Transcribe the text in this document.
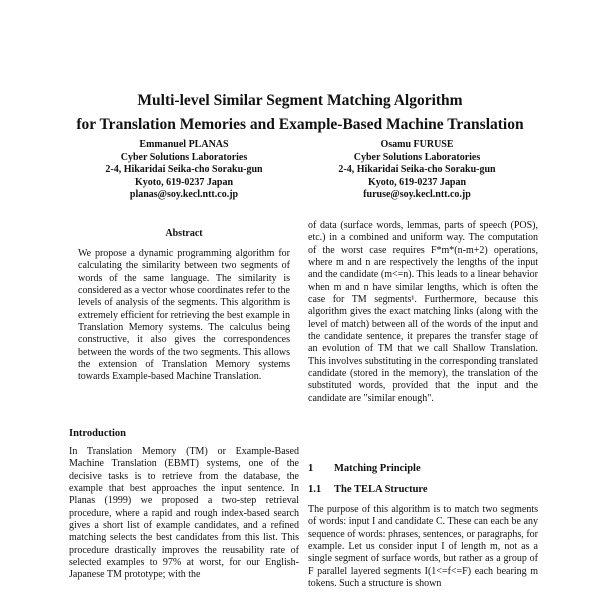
Multi-level Similar Segment Matching Algorithm
for Translation Memories and Example-Based Machine Translation
Emmanuel PLANAS
Cyber Solutions Laboratories
2-4, Hikaridai Seika-cho Soraku-gun
Kyoto, 619-0237 Japan
planas@soy.kecl.ntt.co.jp
Osamu FURUSE
Cyber Solutions Laboratories
2-4, Hikaridai Seika-cho Soraku-gun
Kyoto, 619-0237 Japan
furuse@soy.kecl.ntt.co.jp
Abstract

We propose a dynamic programming algorithm for calculating the similarity between two segments of words of the same language. The similarity is considered as a vector whose coordinates refer to the levels of analysis of the segments. This algorithm is extremely efficient for retrieving the best example in Translation Memory systems. The calculus being constructive, it also gives the correspondences between the words of the two segments. This allows the extension of Translation Memory systems towards Example-based Machine Translation.

Introduction

In Translation Memory (TM) or Example-Based Machine Translation (EBMT) systems, one of the decisive tasks is to retrieve from the database, the example that best approaches the input sentence. In Planas (1999) we proposed a two-step retrieval procedure, where a rapid and rough index-based search gives a short list of example candidates, and a refined matching selects the best candidates from this list. This procedure drastically improves the reusability rate of selected examples to 97% at worst, for our English-Japanese TM prototype; with the

of data (surface words, lemmas, parts of speech (POS), etc.) in a combined and uniform way. The computation of the worst case requires F*m*(n-m+2) operations, where m and n are respectively the lengths of the input and the candidate (m<=n). This leads to a linear behavior when m and n have similar lengths, which is often the case for TM segments¹. Furthermore, because this algorithm gives the exact matching links (along with the level of match) between all of the words of the input and the candidate sentence, it prepares the transfer stage of an evolution of TM that we call Shallow Translation. This involves substituting in the corresponding translated candidate (stored in the memory), the translation of the substituted words, provided that the input and the candidate are "similar enough".

1 Matching Principle
1.1 The TELA Structure

The purpose of this algorithm is to match two segments of words: input I and candidate C. These can each be any sequence of words: phrases, sentences, or paragraphs, for example. Let us consider input I of length m, not as a single segment of surface words, but rather as a group of F parallel layered segments I(1<=f<=F) each bearing m tokens. Such a structure is shown
